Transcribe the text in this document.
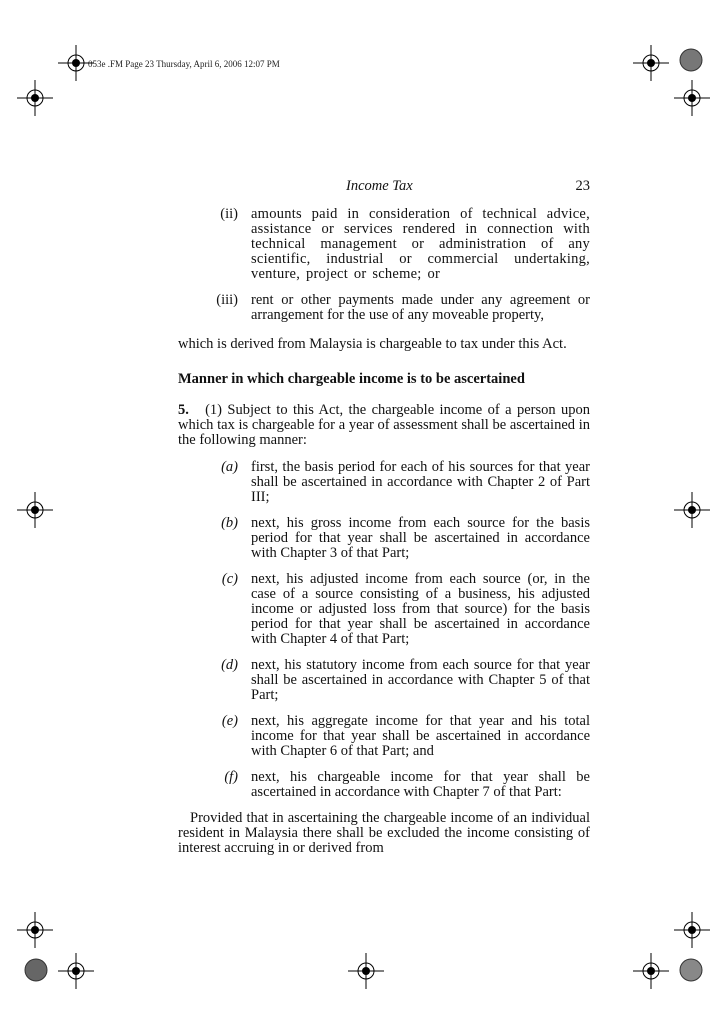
053e .FM Page 23 Thursday, April 6, 2006 12:07 PM
Income Tax	23
(ii) amounts paid in consideration of technical advice, assistance or services rendered in connection with technical management or administration of any scientific, industrial or commercial undertaking, venture, project or scheme; or
(iii) rent or other payments made under any agreement or arrangement for the use of any moveable property,

which is derived from Malaysia is chargeable to tax under this Act.

Manner in which chargeable income is to be ascertained

5. (1) Subject to this Act, the chargeable income of a person upon which tax is chargeable for a year of assessment shall be ascertained in the following manner:

(a) first, the basis period for each of his sources for that year shall be ascertained in accordance with Chapter 2 of Part III;
(b) next, his gross income from each source for the basis period for that year shall be ascertained in accordance with Chapter 3 of that Part;
(c) next, his adjusted income from each source (or, in the case of a source consisting of a business, his adjusted income or adjusted loss from that source) for the basis period for that year shall be ascertained in accordance with Chapter 4 of that Part;
(d) next, his statutory income from each source for that year shall be ascertained in accordance with Chapter 5 of that Part;
(e) next, his aggregate income for that year and his total income for that year shall be ascertained in accordance with Chapter 6 of that Part; and
(f) next, his chargeable income for that year shall be ascertained in accordance with Chapter 7 of that Part:

Provided that in ascertaining the chargeable income of an individual resident in Malaysia there shall be excluded the income consisting of interest accruing in or derived from
